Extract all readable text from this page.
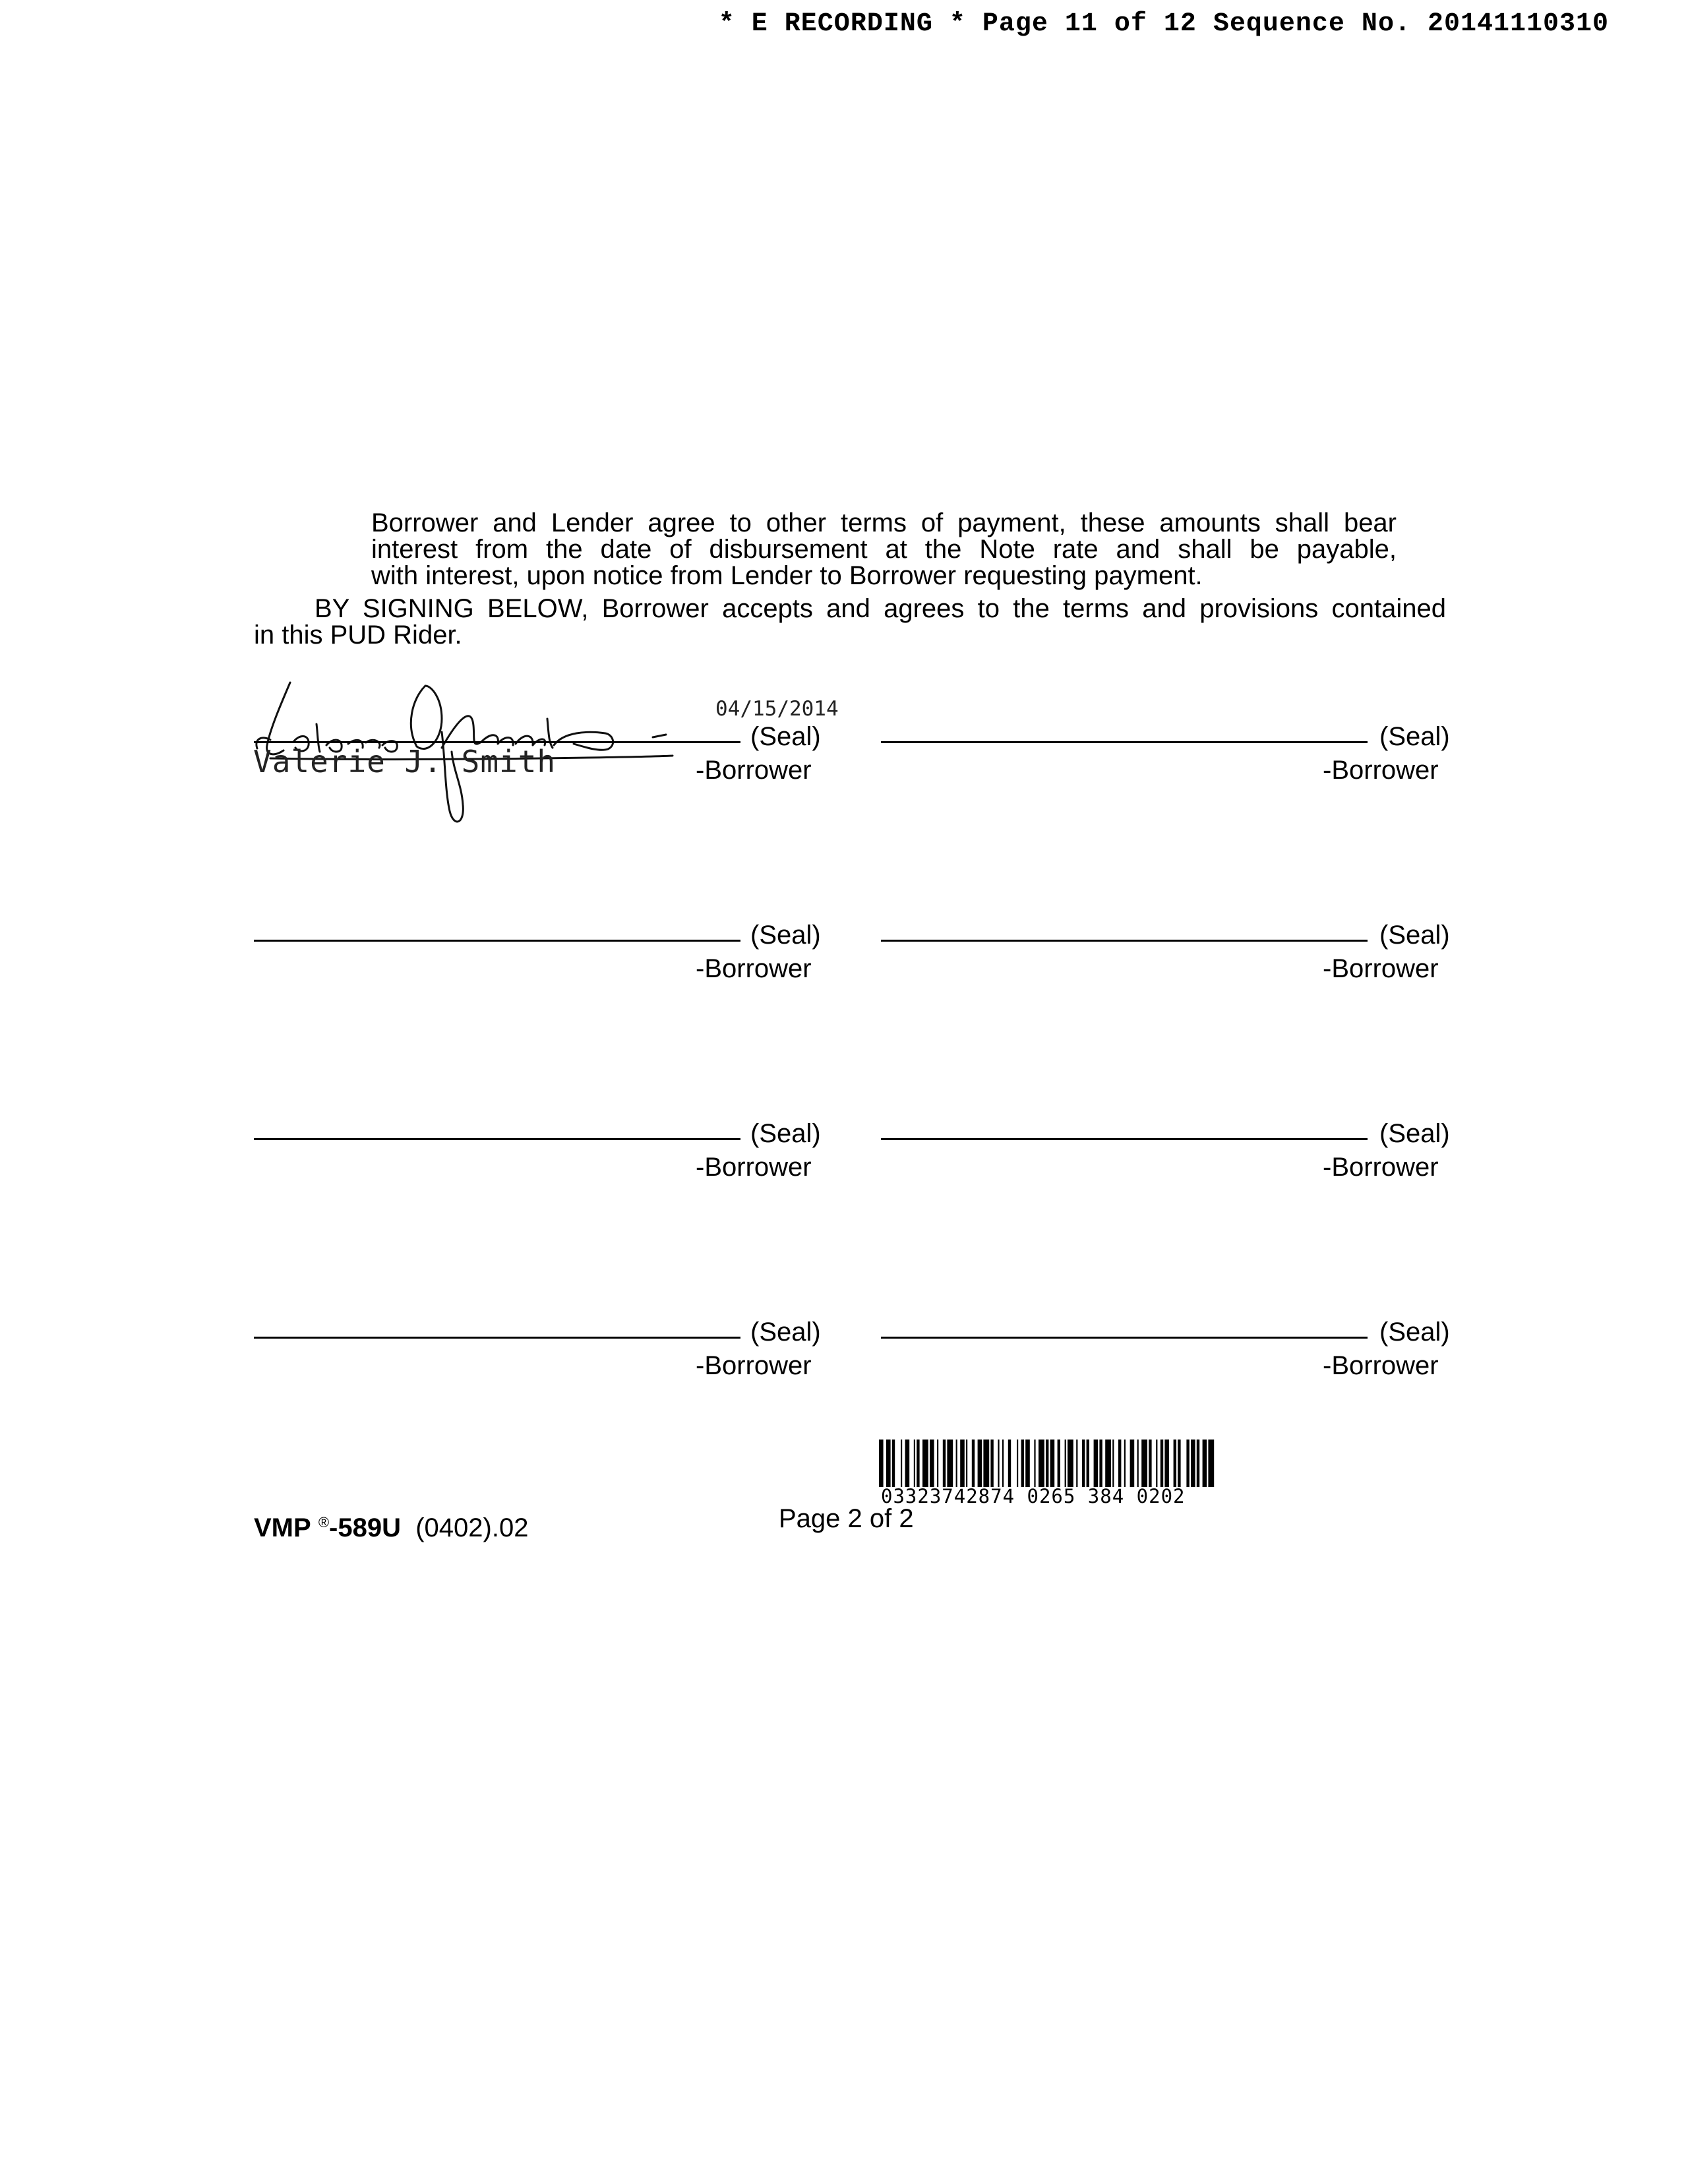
* E RECORDING * Page 11 of 12 Sequence No. 20141110310
Borrower and Lender agree to other terms of payment, these amounts shall bear
interest from the date of disbursement at the Note rate and shall be payable,
with interest, upon notice from Lender to Borrower requesting payment.
BY SIGNING BELOW, Borrower accepts and agrees to the terms and provisions contained
in this PUD Rider.
04/15/2014
Valerie J. Smith
(Seal)
-Borrower
(Seal)
-Borrower
(Seal)
-Borrower
(Seal)
-Borrower
(Seal)
-Borrower
(Seal)
-Borrower
(Seal)
-Borrower
(Seal)
-Borrower
03323742874 0265 384 0202
VMP ®-589U (0402).02	Page 2 of 2
